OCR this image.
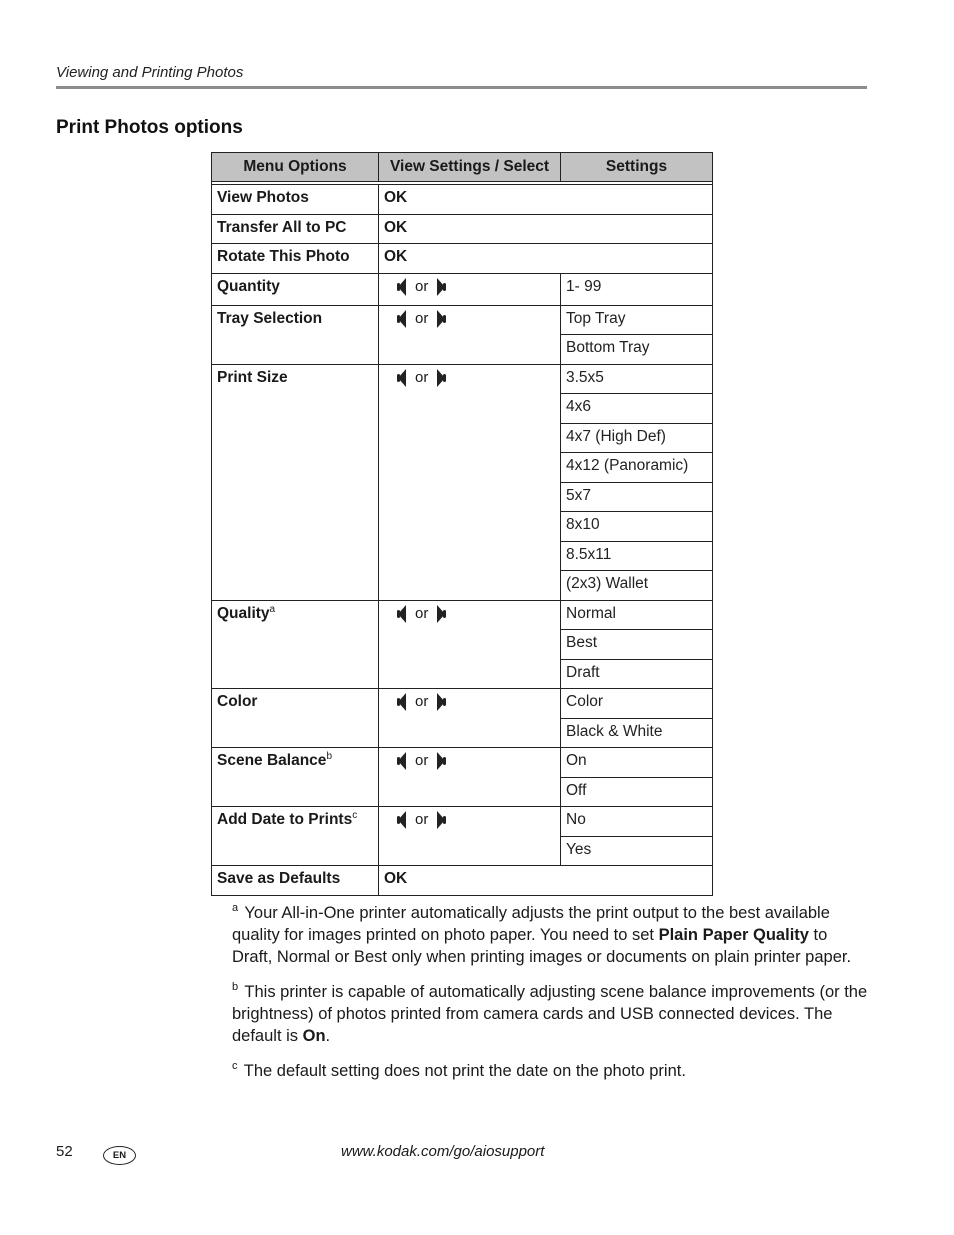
Viewing and Printing Photos
Print Photos options
Menu Options	View Settings / Select	Settings

View Photos	OK	
Transfer All to PC	OK	
Rotate This Photo	OK	
Quantity	or	1- 99
Tray Selection	or	Top Tray
		Bottom Tray
Print Size	or	3.5x5
		4x6
		4x7 (High Def)
		4x12 (Panoramic)
		5x7
		8x10
		8.5x11
		(2x3) Wallet
Quality$^a$	or	Normal
		Best
		Draft
Color	or	Color
		Black & White
Scene Balance$^b$	or	On
		Off
Add Date to Prints$^c$	or	No
		Yes
Save as Defaults	OK	

$^a$ Your All-in-One printer automatically adjusts the print output to the best available quality for images printed on photo paper. You need to set Plain Paper Quality to Draft, Normal or Best only when printing images or documents on plain printer paper.

$^b$ This printer is capable of automatically adjusting scene balance improvements (or the brightness) of photos printed from camera cards and USB connected devices. The default is On.

$^c$ The default setting does not print the date on the photo print.

52	EN	www.kodak.com/go/aiosupport
